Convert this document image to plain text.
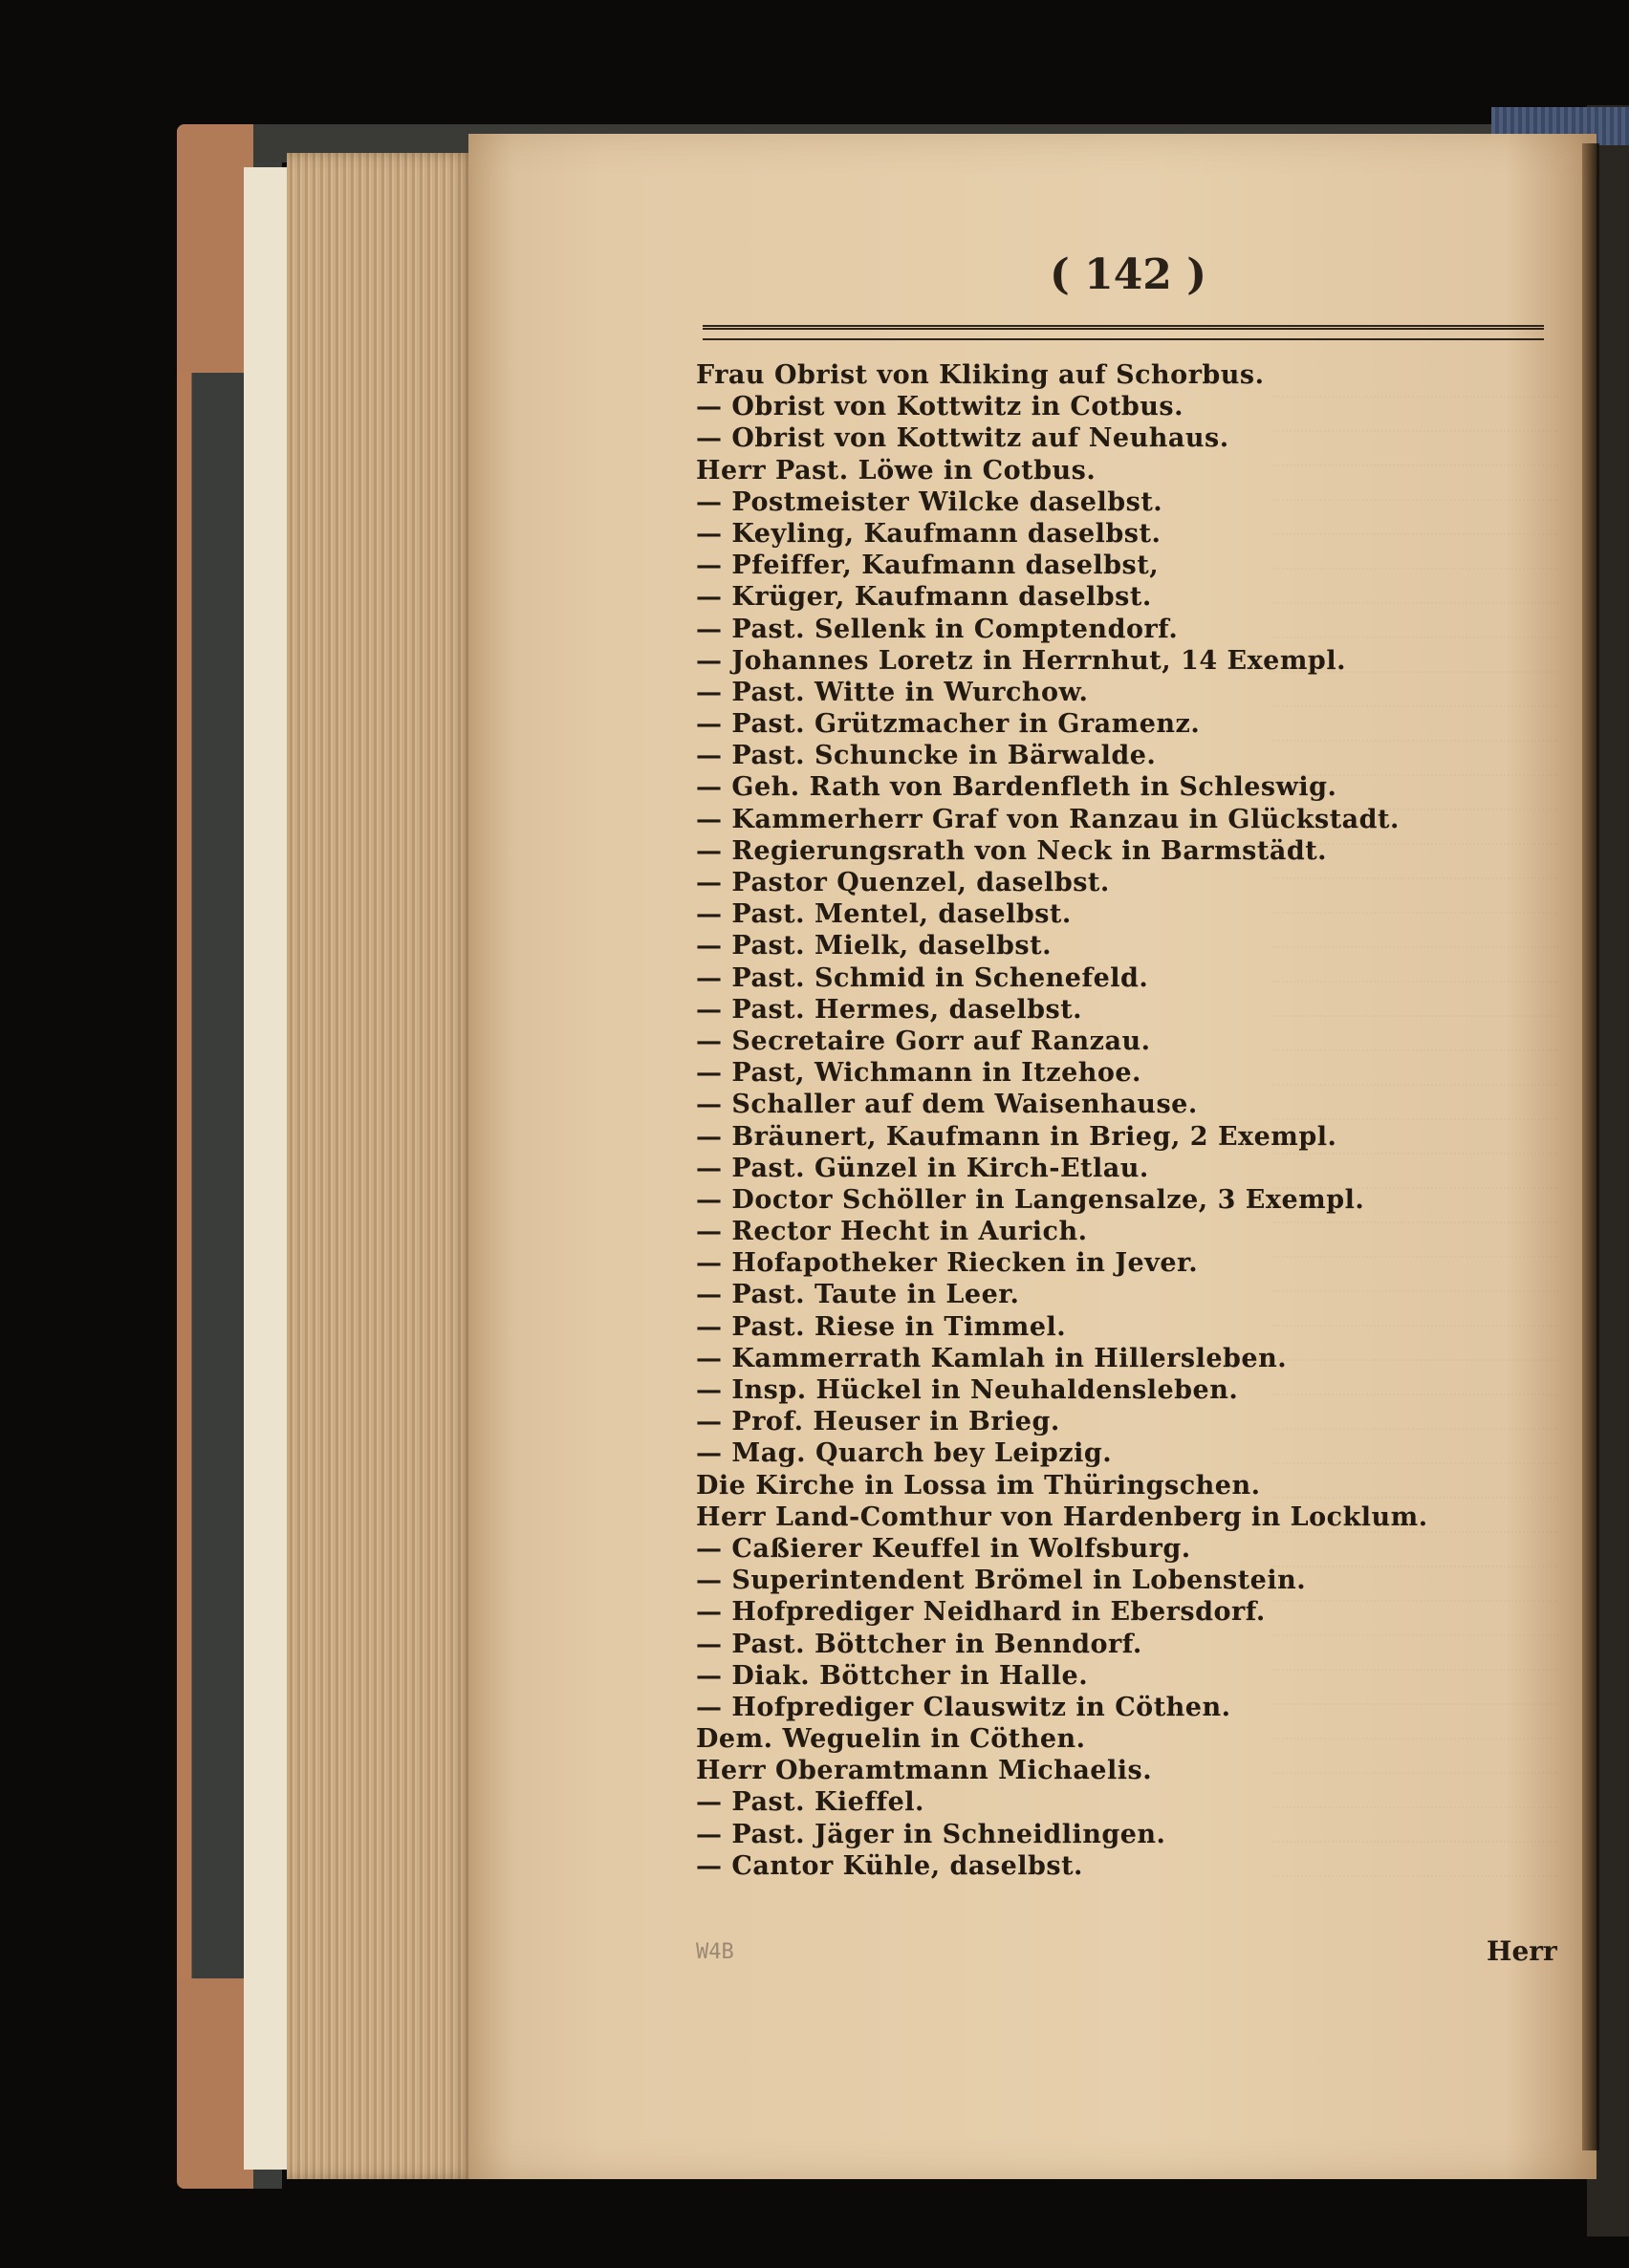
( 142 )
Frau Obrist von Kliking auf Schorbus.
— Obrist von Kottwitz in Cotbus.
— Obrist von Kottwitz auf Neuhaus.
Herr Past. Löwe in Cotbus.
— Postmeister Wilcke daselbst.
— Keyling, Kaufmann daselbst.
— Pfeiffer, Kaufmann daselbst,
— Krüger, Kaufmann daselbst.
— Past. Sellenk in Comptendorf.
— Johannes Loretz in Herrnhut, 14 Exempl.
— Past. Witte in Wurchow.
— Past. Grützmacher in Gramenz.
— Past. Schuncke in Bärwalde.
— Geh. Rath von Bardenfleth in Schleswig.
— Kammerherr Graf von Ranzau in Glückstadt.
— Regierungsrath von Neck in Barmstädt.
— Pastor Quenzel, daselbst.
— Past. Mentel, daselbst.
— Past. Mielk, daselbst.
— Past. Schmid in Schenefeld.
— Past. Hermes, daselbst.
— Secretaire Gorr auf Ranzau.
— Past, Wichmann in Itzehoe.
— Schaller auf dem Waisenhause.
— Bräunert, Kaufmann in Brieg, 2 Exempl.
— Past. Günzel in Kirch-Etlau.
— Doctor Schöller in Langensalze, 3 Exempl.
— Rector Hecht in Aurich.
— Hofapotheker Riecken in Jever.
— Past. Taute in Leer.
— Past. Riese in Timmel.
— Kammerrath Kamlah in Hillersleben.
— Insp. Hückel in Neuhaldensleben.
— Prof. Heuser in Brieg.
— Mag. Quarch bey Leipzig.
Die Kirche in Lossa im Thüringschen.
Herr Land-Comthur von Hardenberg in Locklum.
— Caßierer Keuffel in Wolfsburg.
— Superintendent Brömel in Lobenstein.
— Hofprediger Neidhard in Ebersdorf.
— Past. Böttcher in Benndorf.
— Diak. Böttcher in Halle.
— Hofprediger Clauswitz in Cöthen.
Dem. Weguelin in Cöthen.
Herr Oberamtmann Michaelis.
— Past. Kieffel.
— Past. Jäger in Schneidlingen.
— Cantor Kühle, daselbst.
W4B	Herr
